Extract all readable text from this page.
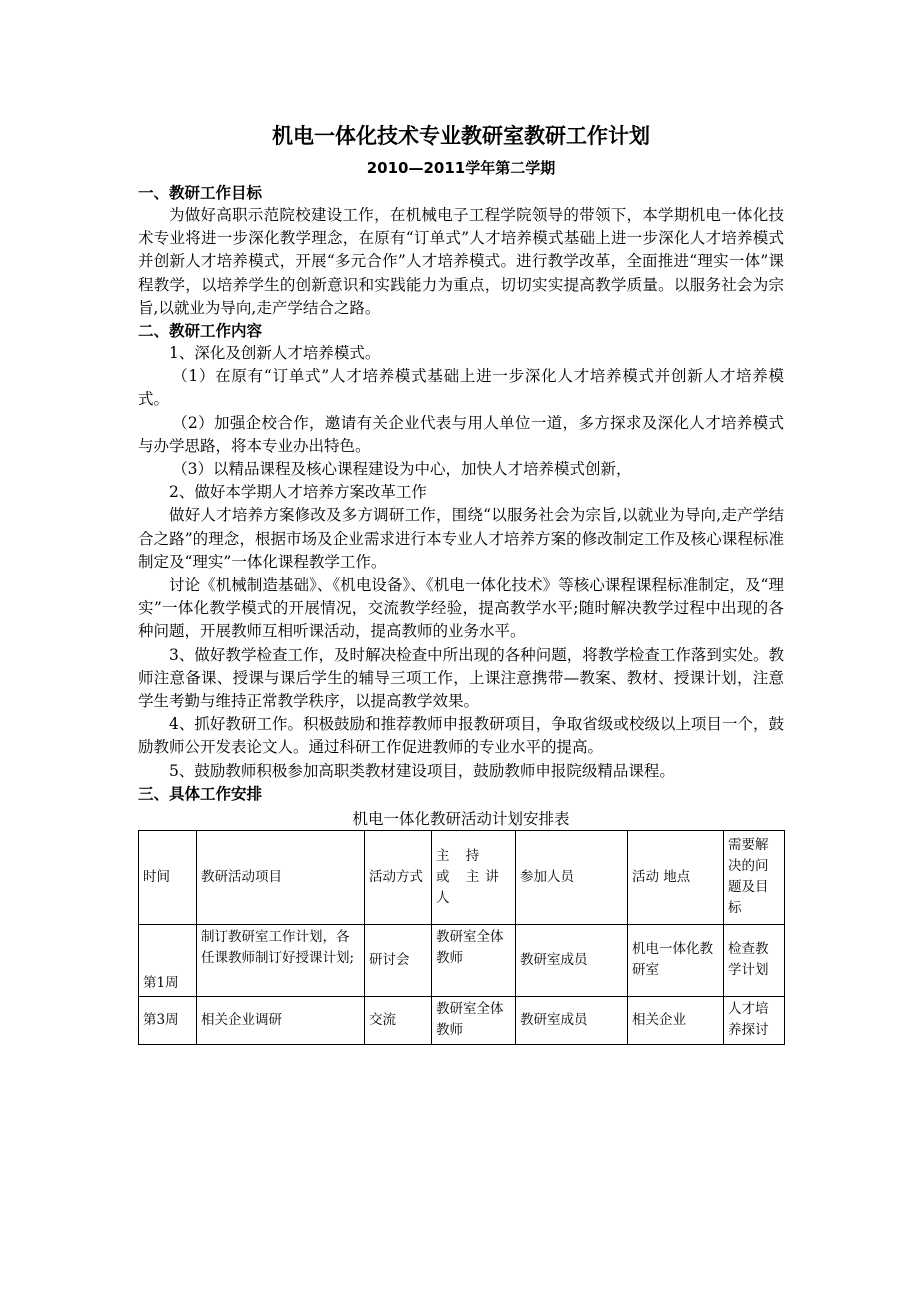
机电一体化技术专业教研室教研工作计划
2010—2011学年第二学期
一、教研工作目标

为做好高职示范院校建设工作，在机械电子工程学院领导的带领下，本学期机电一体化技术专业将进一步深化教学理念，在原有“订单式”人才培养模式基础上进一步深化人才培养模式并创新人才培养模式，开展“多元合作”人才培养模式。进行教学改革，全面推进“理实一体”课程教学，以培养学生的创新意识和实践能力为重点，切切实实提高教学质量。以服务社会为宗旨,以就业为导向,走产学结合之路。

二、教研工作内容

1、深化及创新人才培养模式。

（1）在原有“订单式”人才培养模式基础上进一步深化人才培养模式并创新人才培养模式。

（2）加强企校合作，邀请有关企业代表与用人单位一道，多方探求及深化人才培养模式与办学思路，将本专业办出特色。

（3）以精品课程及核心课程建设为中心，加快人才培养模式创新，

2、做好本学期人才培养方案改革工作

做好人才培养方案修改及多方调研工作，围绕“以服务社会为宗旨,以就业为导向,走产学结合之路”的理念，根据市场及企业需求进行本专业人才培养方案的修改制定工作及核心课程标准制定及“理实”一体化课程教学工作。

讨论《机械制造基础》、《机电设备》、《机电一体化技术》等核心课程课程标准制定，及“理实”一体化教学模式的开展情况，交流教学经验，提高教学水平;随时解决教学过程中出现的各种问题，开展教师互相听课活动，提高教师的业务水平。

3、做好教学检查工作，及时解决检查中所出现的各种问题，将教学检查工作落到实处。教师注意备课、授课与课后学生的辅导三项工作，上课注意携带—教案、教材、授课计划，注意学生考勤与维持正常教学秩序，以提高教学效果。

4、抓好教研工作。积极鼓励和推荐教师申报教研项目，争取省级或校级以上项目一个，鼓励教师公开发表论文人。通过科研工作促进教师的专业水平的提高。

5、鼓励教师积极参加高职类教材建设项目，鼓励教师申报院级精品课程。

三、具体工作安排
机电一体化教研活动计划安排表
时间	教研活动项目	活动方式	主 持 或 主讲人	参加人员	活动 地点	需要解决的问题及目标
第1周	制订教研室工作计划，各任课教师制订好授课计划;	研讨会	教研室全体教师	教研室成员	机电一体化教研室	检查教学计划
第3周	相关企业调研	交流	教研室全体教师	教研室成员	相关企业	人才培养探讨
